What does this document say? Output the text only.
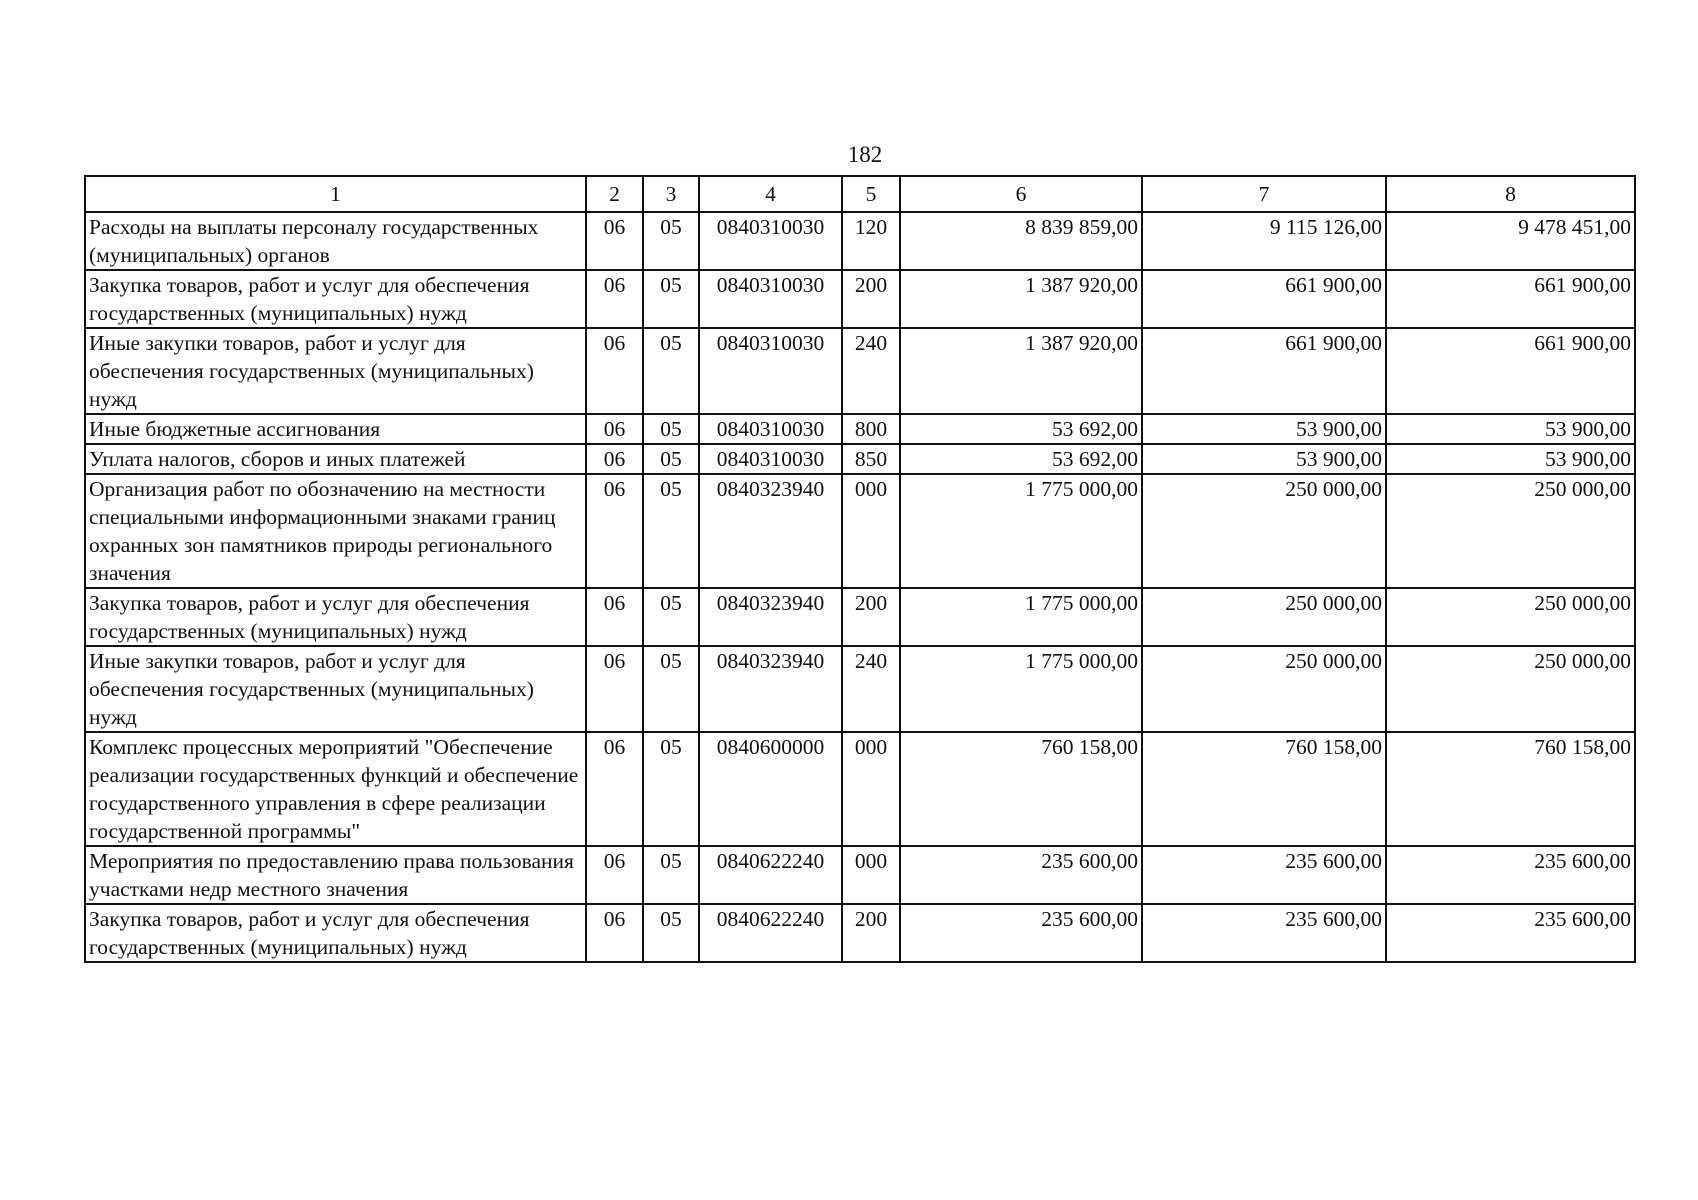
182
1	2	3	4	5	6	7	8
Расходы на выплаты персоналу государственных (муниципальных) органов	06	05	0840310030	120	8 839 859,00	9 115 126,00	9 478 451,00
Закупка товаров, работ и услуг для обеспечения государственных (муниципальных) нужд	06	05	0840310030	200	1 387 920,00	661 900,00	661 900,00
Иные закупки товаров, работ и услуг для обеспечения государственных (муниципальных) нужд	06	05	0840310030	240	1 387 920,00	661 900,00	661 900,00
Иные бюджетные ассигнования	06	05	0840310030	800	53 692,00	53 900,00	53 900,00
Уплата налогов, сборов и иных платежей	06	05	0840310030	850	53 692,00	53 900,00	53 900,00
Организация работ по обозначению на местности специальными информационными знаками границ охранных зон памятников природы регионального значения	06	05	0840323940	000	1 775 000,00	250 000,00	250 000,00
Закупка товаров, работ и услуг для обеспечения государственных (муниципальных) нужд	06	05	0840323940	200	1 775 000,00	250 000,00	250 000,00
Иные закупки товаров, работ и услуг для обеспечения государственных (муниципальных) нужд	06	05	0840323940	240	1 775 000,00	250 000,00	250 000,00
Комплекс процессных мероприятий "Обеспечение реализации государственных функций и обеспечение государственного управления в сфере реализации государственной программы"	06	05	0840600000	000	760 158,00	760 158,00	760 158,00
Мероприятия по предоставлению права пользования участками недр местного значения	06	05	0840622240	000	235 600,00	235 600,00	235 600,00
Закупка товаров, работ и услуг для обеспечения государственных (муниципальных) нужд	06	05	0840622240	200	235 600,00	235 600,00	235 600,00
